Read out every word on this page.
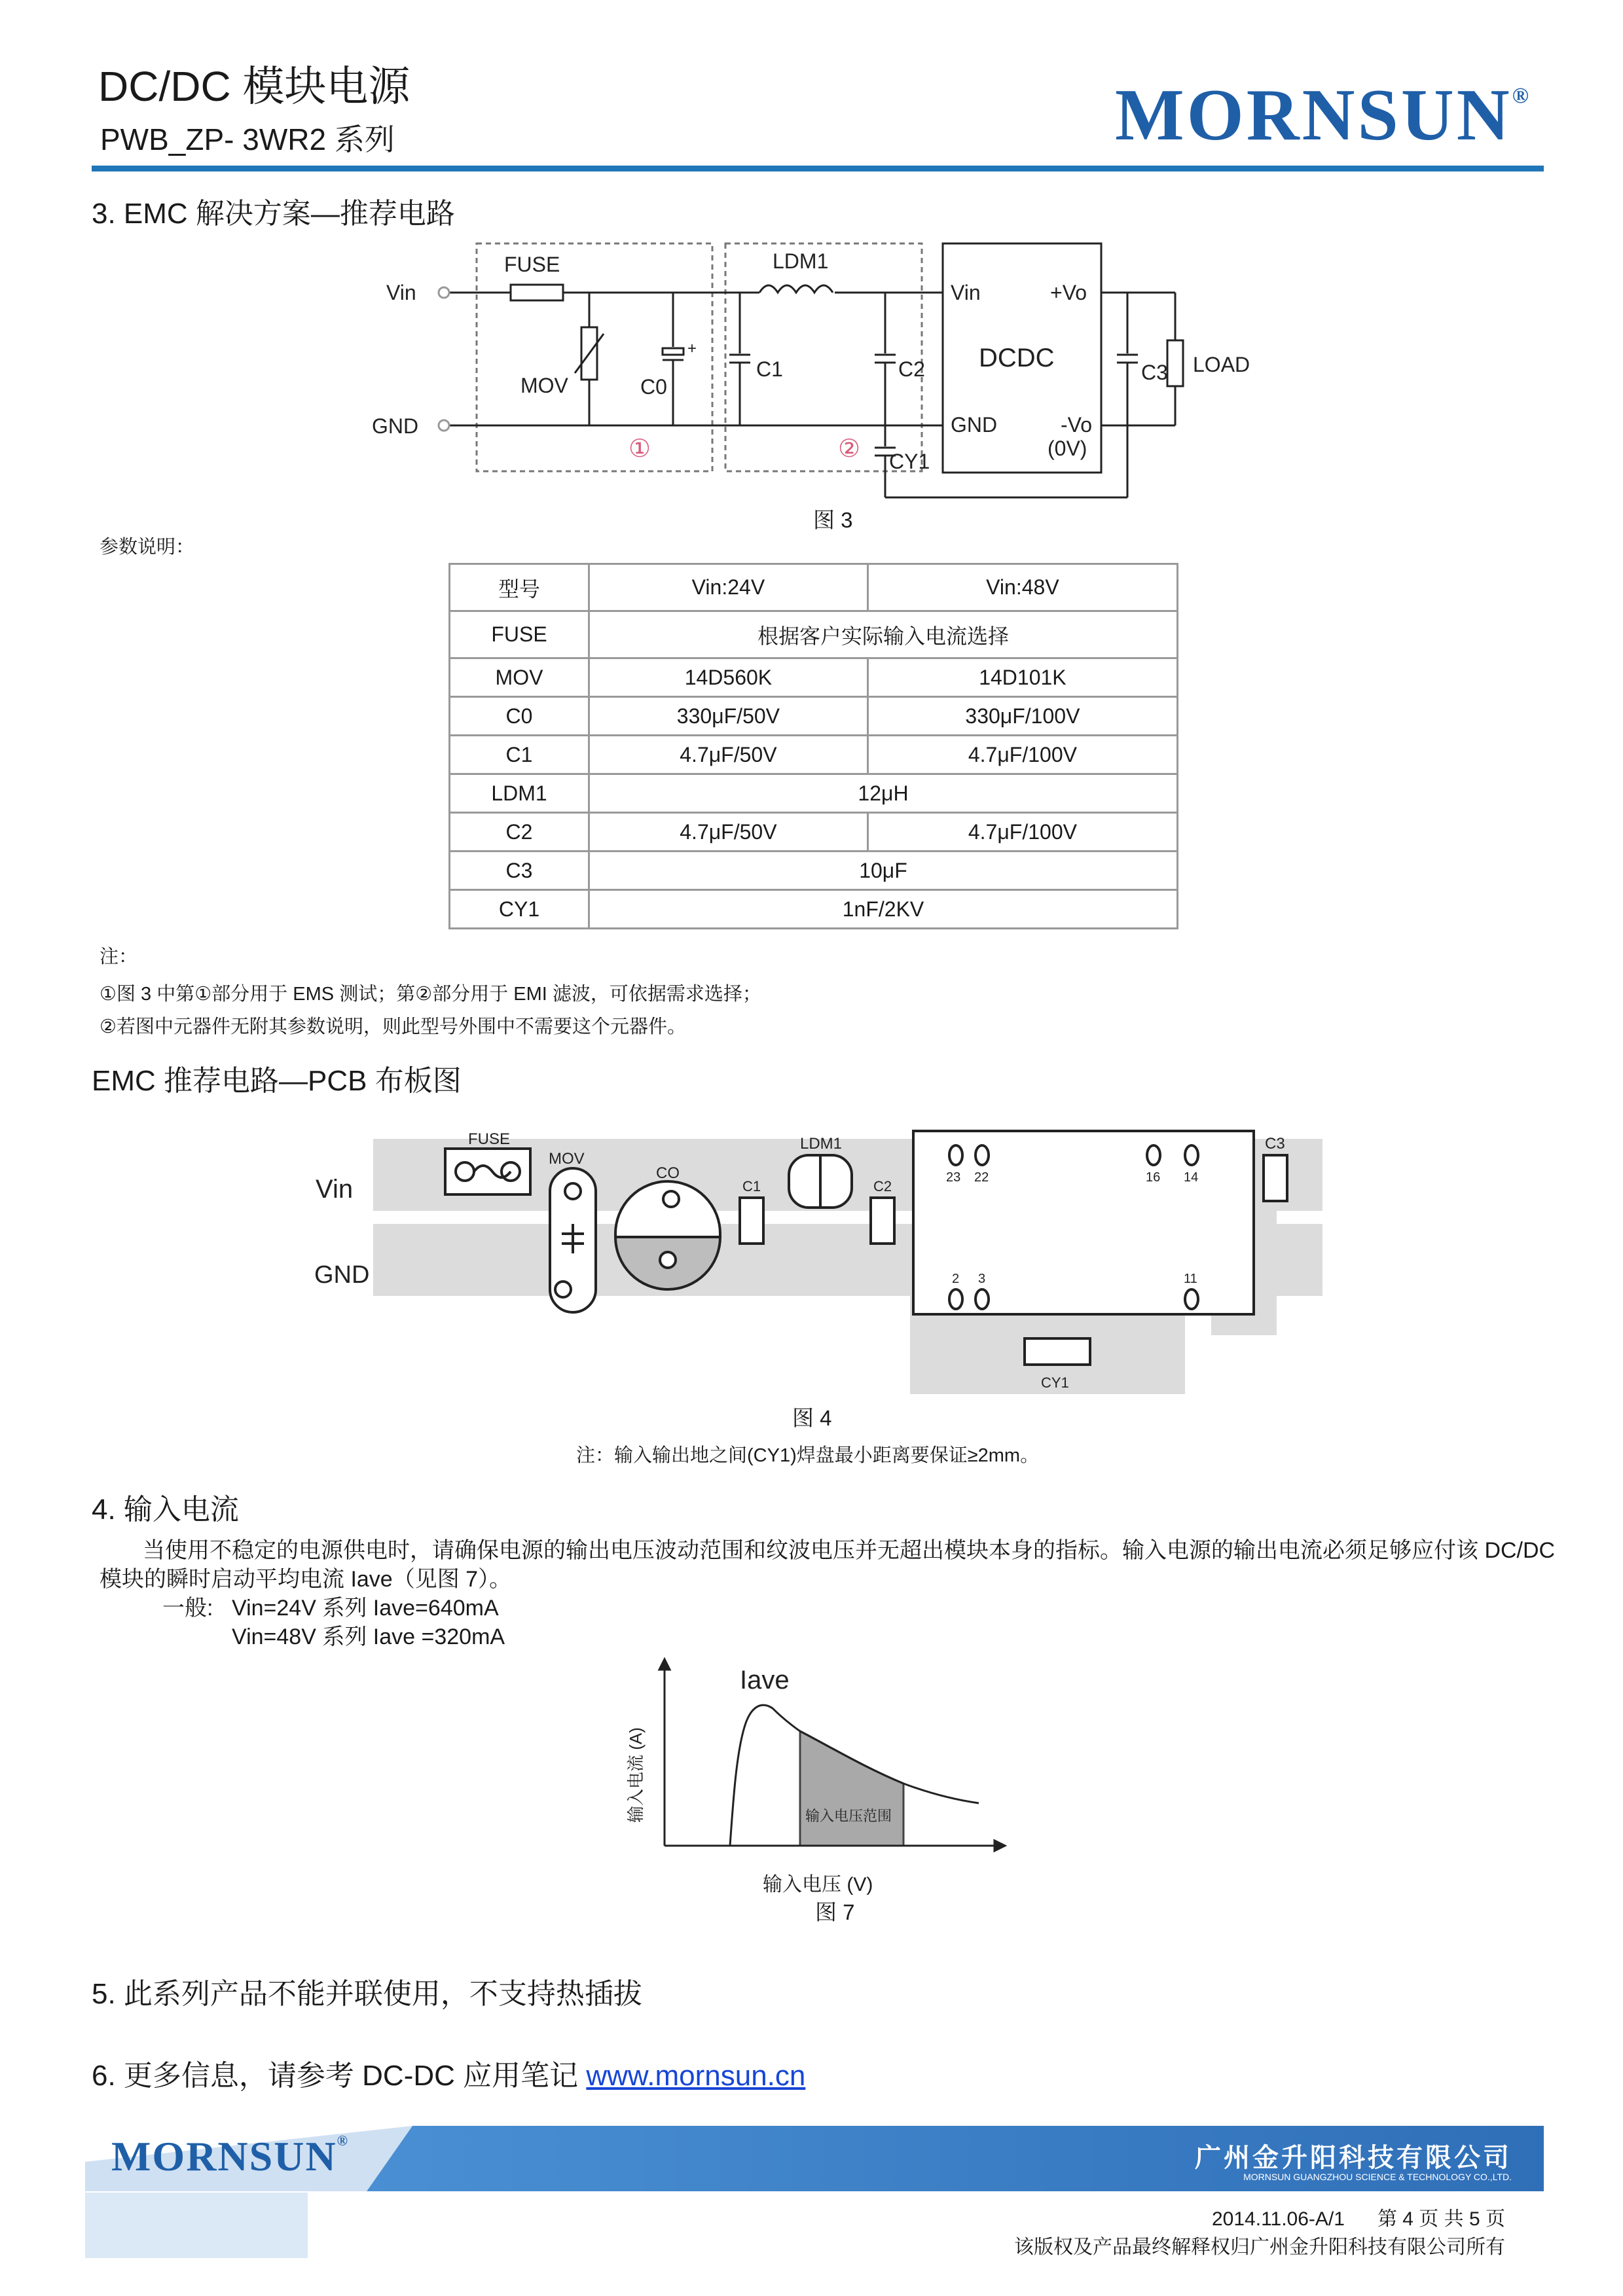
DC/DC 模块电源
PWB_ZP- 3WR2 系列	MORNSUN®
3. EMC 解决方案—推荐电路
Vin
GND
FUSE
MOV	C0
+
C1
LDM1
C2
CY1
Vin	+Vo
DCDC
GND	-Vo
(0V)
C3 LOAD
①	②
图 3
参数说明：
型号	Vin:24V	Vin:48V
FUSE	根据客户实际输入电流选择	
MOV	14D560K	14D101K
C0	330μF/50V	330μF/100V
C1	4.7μF/50V	4.7μF/100V
LDM1	12μH	
C2	4.7μF/50V	4.7μF/100V
C3	10μF	
CY1	1nF/2KV	
注：
①图 3 中第①部分用于 EMS 测试；第②部分用于 EMI 滤波，可依据需求选择；
②若图中元器件无附其参数说明，则此型号外围中不需要这个元器件。
EMC 推荐电路—PCB 布板图
Vin
GND
FUSE
MOV
CO
C1
LDM1
C2
C3
CY1
23 22	16 14
2 3	11
图 4
注：输入输出地之间(CY1)焊盘最小距离要保证≥2mm。
4. 输入电流
当使用不稳定的电源供电时，请确保电源的输出电压波动范围和纹波电压并无超出模块本身的指标。输入电源的输出电流必须足够应付该 DC/DC
模块的瞬时启动平均电流 Iave（见图 7）。
一般: Vin=24V 系列 Iave=640mA
Vin=48V 系列 Iave =320mA
Iave
输入电压范围
输入电流 (A)
输入电压 (V)
图 7
5. 此系列产品不能并联使用，不支持热插拔
6. 更多信息，请参考 DC-DC 应用笔记 www.mornsun.cn
MORNSUN®
广州金升阳科技有限公司
MORNSUN GUANGZHOU SCIENCE & TECHNOLOGY CO.,LTD.
2014.11.06-A/1 第 4 页 共 5 页
该版权及产品最终解释权归广州金升阳科技有限公司所有
